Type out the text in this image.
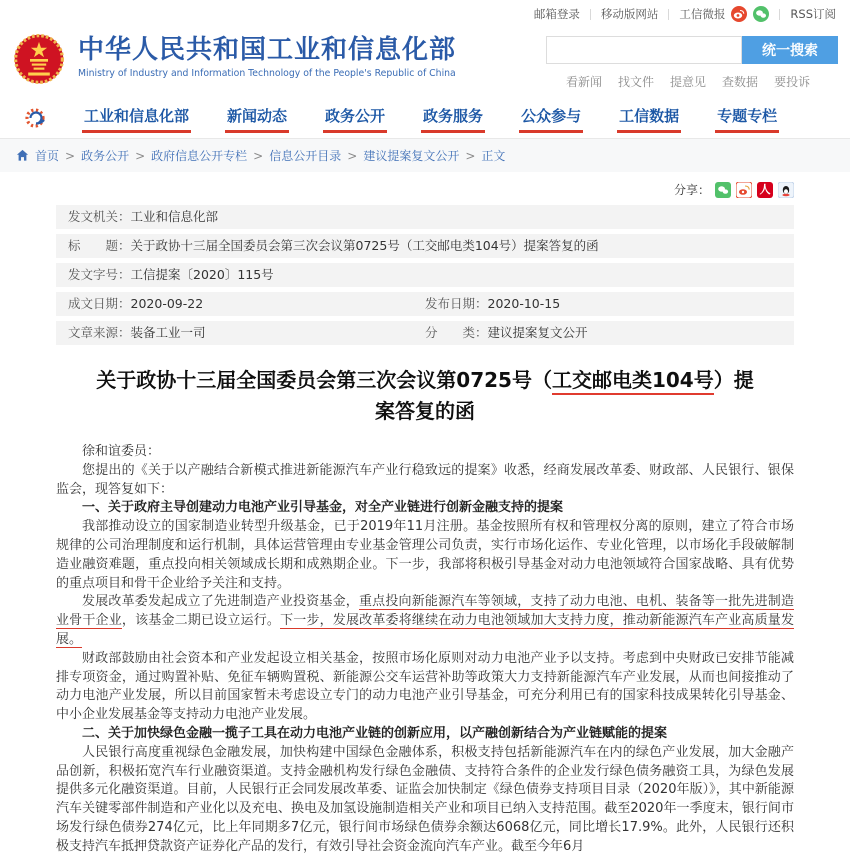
邮箱登录 移动版网站 工信微报	RSS订阅
中华人民共和国工业和信息化部
Ministry of Industry and Information Technology of the People's Republic of China
统一搜索
看新闻 找文件 提意见 查数据 要投诉
工业和信息化部	新闻动态	政务公开	政务服务	公众参与	工信数据	专题专栏
首页 > 政务公开 > 政府信息公开专栏 > 信息公开目录 > 建议提案复文公开 > 正文
分享：	人
发文机关： 工业和信息化部
标　　题： 关于政协十三届全国委员会第三次会议第0725号（工交邮电类104号）提案答复的函
发文字号： 工信提案〔2020〕115号
成文日期： 2020-09-22	发布日期： 2020-10-15
文章来源： 装备工业一司	分　　类： 建议提案复文公开
关于政协十三届全国委员会第三次会议第0725号（工交邮电类104号）提案答复的函

徐和谊委员：

您提出的《关于以产融结合新模式推进新能源汽车产业行稳致远的提案》收悉，经商发展改革委、财政部、人民银行、银保监会，现答复如下：

一、关于政府主导创建动力电池产业引导基金，对全产业链进行创新金融支持的提案

我部推动设立的国家制造业转型升级基金，已于2019年11月注册。基金按照所有权和管理权分离的原则，建立了符合市场规律的公司治理制度和运行机制，具体运营管理由专业基金管理公司负责，实行市场化运作、专业化管理，以市场化手段破解制造业融资难题，重点投向相关领域成长期和成熟期企业。下一步，我部将积极引导基金对动力电池领域符合国家战略、具有优势的重点项目和骨干企业给予关注和支持。

发展改革委发起成立了先进制造产业投资基金，重点投向新能源汽车等领域，支持了动力电池、电机、装备等一批先进制造业骨干企业，该基金二期已设立运行。下一步，发展改革委将继续在动力电池领域加大支持力度，推动新能源汽车产业高质量发展。

财政部鼓励由社会资本和产业发起设立相关基金，按照市场化原则对动力电池产业予以支持。考虑到中央财政已安排节能减排专项资金，通过购置补贴、免征车辆购置税、新能源公交车运营补助等政策大力支持新能源汽车产业发展，从而也间接推动了动力电池产业发展，所以目前国家暂未考虑设立专门的动力电池产业引导基金，可充分利用已有的国家科技成果转化引导基金、中小企业发展基金等支持动力电池产业发展。

二、关于加快绿色金融一揽子工具在动力电池产业链的创新应用，以产融创新结合为产业链赋能的提案

人民银行高度重视绿色金融发展，加快构建中国绿色金融体系，积极支持包括新能源汽车在内的绿色产业发展，加大金融产品创新，积极拓宽汽车行业融资渠道。支持金融机构发行绿色金融债、支持符合条件的企业发行绿色债务融资工具，为绿色发展提供多元化融资渠道。目前，人民银行正会同发展改革委、证监会加快制定《绿色债券支持项目目录（2020年版）》，其中新能源汽车关键零部件制造和产业化以及充电、换电及加氢设施制造相关产业和项目已纳入支持范围。截至2020年一季度末，银行间市场发行绿色债券274亿元，比上年同期多7亿元，银行间市场绿色债券余额达6068亿元，同比增长17.9%。此外，人民银行还积极支持汽车抵押贷款资产证券化产品的发行，有效引导社会资金流向汽车产业。截至今年6月
